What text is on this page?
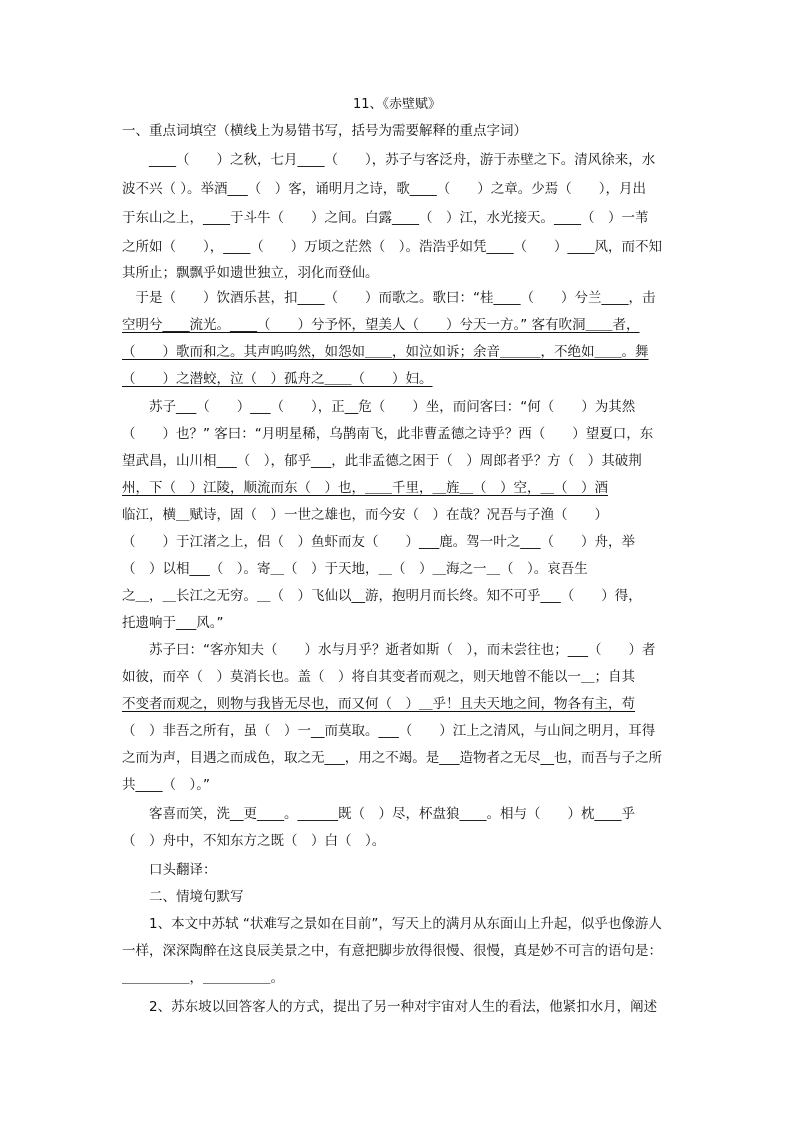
11、《赤壁赋》
一、重点词填空（横线上为易错书写，括号为需要解释的重点字词）
　　____（　　）之秋，七月____（　　），苏子与客泛舟，游于赤壁之下。清风徐来，水
波不兴（ ）。举酒___（　）客，诵明月之诗，歌____（　　）之章。少焉（　　），月出
于东山之上，____于斗牛（　　）之间。白露____（　）江，水光接天。____（　）一苇
之所如（　　），____（　　）万顷之茫然（　）。浩浩乎如凭____（　　）____风，而不知
其所止；飘飘乎如遗世独立，羽化而登仙。
　于是（　　）饮酒乐甚，扣____（　　）而歌之。歌曰：“桂____（　　）兮兰____，击
空明兮____流光。____（　　）兮予怀，望美人（　　）兮天一方。” 客有吹洞＿＿者，
（　　）歌而和之。其声呜呜然，如怨如＿＿，如泣如诉；余音＿＿＿，不绝如＿＿。舞
（　　）之潜蛟，泣（　）孤舟之＿＿（　　）妇。
　　苏子___（　　）___（　　），正__危（　　）坐，而问客曰：“何（　　）为其然
（　　）也？” 客曰：“月明星稀，乌鹊南飞，此非曹孟德之诗乎？西（　　）望夏口，东
望武昌，山川相___（　），郁乎___，此非孟德之困于（　）周郎者乎？方（　）其破荆
州，下（　）江陵，顺流而东（　）也，＿＿千里，＿旌＿（　）空，＿（　）酒
临江，横＿赋诗，固（　）一世之雄也，而今安（　）在哉？况吾与子渔（　　）
（　　）于江渚之上，侣（　）鱼虾而友（　　）___鹿。驾一叶之___（　　）舟，举
（　）以相___（　）。寄＿（　）于天地，＿（　）＿海之一＿（　）。哀吾生
之＿，＿长江之无穷。＿（　）飞仙以__游，抱明月而长终。知不可乎___（　　）得，
托遗响于___风。”
　　苏子曰：“客亦知夫（　　）水与月乎？逝者如斯（　），而未尝往也；___（　　）者
如彼，而卒（　）莫消长也。盖（　）将自其变者而观之，则天地曾不能以一＿；自其
不变者而观之，则物与我皆无尽也，而又何（　）＿乎！且夫天地之间，物各有主，苟
（　）非吾之所有，虽（　）一__而莫取。___（　　）江上之清风，与山间之明月，耳得
之而为声，目遇之而成色，取之无___，用之不竭。是___造物者之无尽__也，而吾与子之所
共____（　）。”
　　客喜而笑，洗__更____。______既（　）尽，杯盘狼____。相与（　　）枕____乎
（　）舟中，不知东方之既（　）白（　）。
　　口头翻译：
　　二、情境句默写
　　1、本文中苏轼 “状难写之景如在目前”，写天上的满月从东面山上升起，似乎也像游人
一样，深深陶醉在这良辰美景之中，有意把脚步放得很慢、很慢，真是妙不可言的语句是：
＿＿＿＿＿，＿＿＿＿＿。
　　2、苏东坡以回答客人的方式，提出了另一种对宇宙对人生的看法，他紧扣水月，阐述
